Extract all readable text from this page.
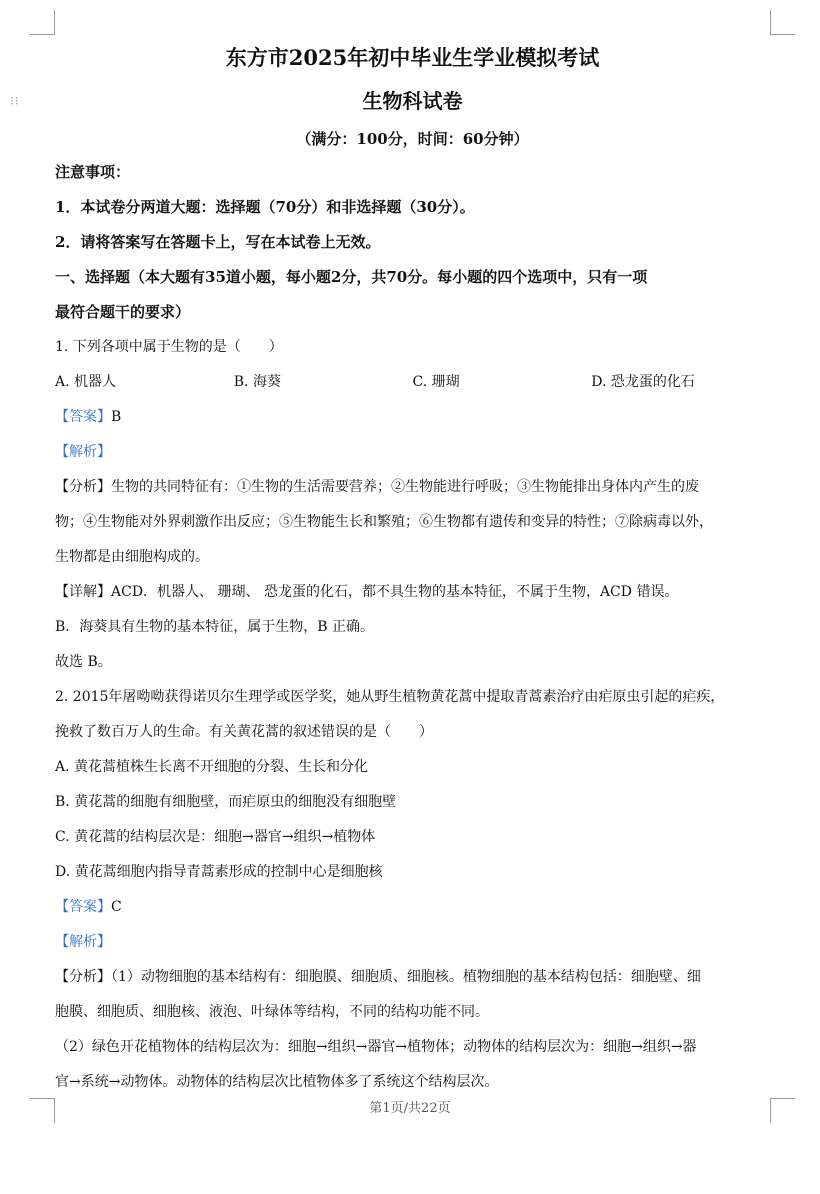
⁝⁝
东方市2025年初中毕业生学业模拟考试
生物科试卷
（满分：100分，时间：60分钟）
注意事项：
1．本试卷分两道大题：选择题（70分）和非选择题（30分）。
2．请将答案写在答题卡上，写在本试卷上无效。
一、选择题（本大题有35道小题，每小题2分，共70分。每小题的四个选项中，只有一项
最符合题干的要求）
1. 下列各项中属于生物的是（　　）
A. 机器人	B. 海葵	C. 珊瑚	D. 恐龙蛋的化石
【答案】B
【解析】
【分析】生物的共同特征有：①生物的生活需要营养；②生物能进行呼吸；③生物能排出身体内产生的废
物；④生物能对外界刺激作出反应；⑤生物能生长和繁殖；⑥生物都有遗传和变异的特性；⑦除病毒以外，
生物都是由细胞构成的。
【详解】ACD．机器人、 珊瑚、 恐龙蛋的化石，都不具生物的基本特征，不属于生物，ACD 错误。
B．海葵具有生物的基本特征，属于生物，B 正确。
故选 B。
2. 2015年屠呦呦获得诺贝尔生理学或医学奖，她从野生植物黄花蒿中提取青蒿素治疗由疟原虫引起的疟疾，
挽救了数百万人的生命。有关黄花蒿的叙述错误的是（　　）
A. 黄花蒿植株生长离不开细胞的分裂、生长和分化
B. 黄花蒿的细胞有细胞壁，而疟原虫的细胞没有细胞壁
C. 黄花蒿的结构层次是：细胞→器官→组织→植物体
D. 黄花蒿细胞内指导青蒿素形成的控制中心是细胞核
【答案】C
【解析】
【分析】（1）动物细胞的基本结构有：细胞膜、细胞质、细胞核。植物细胞的基本结构包括：细胞壁、细
胞膜、细胞质、细胞核、液泡、叶绿体等结构，不同的结构功能不同。
（2）绿色开花植物体的结构层次为：细胞→组织→器官→植物体；动物体的结构层次为：细胞→组织→器
官→系统→动物体。动物体的结构层次比植物体多了系统这个结构层次。
第1页/共22页
